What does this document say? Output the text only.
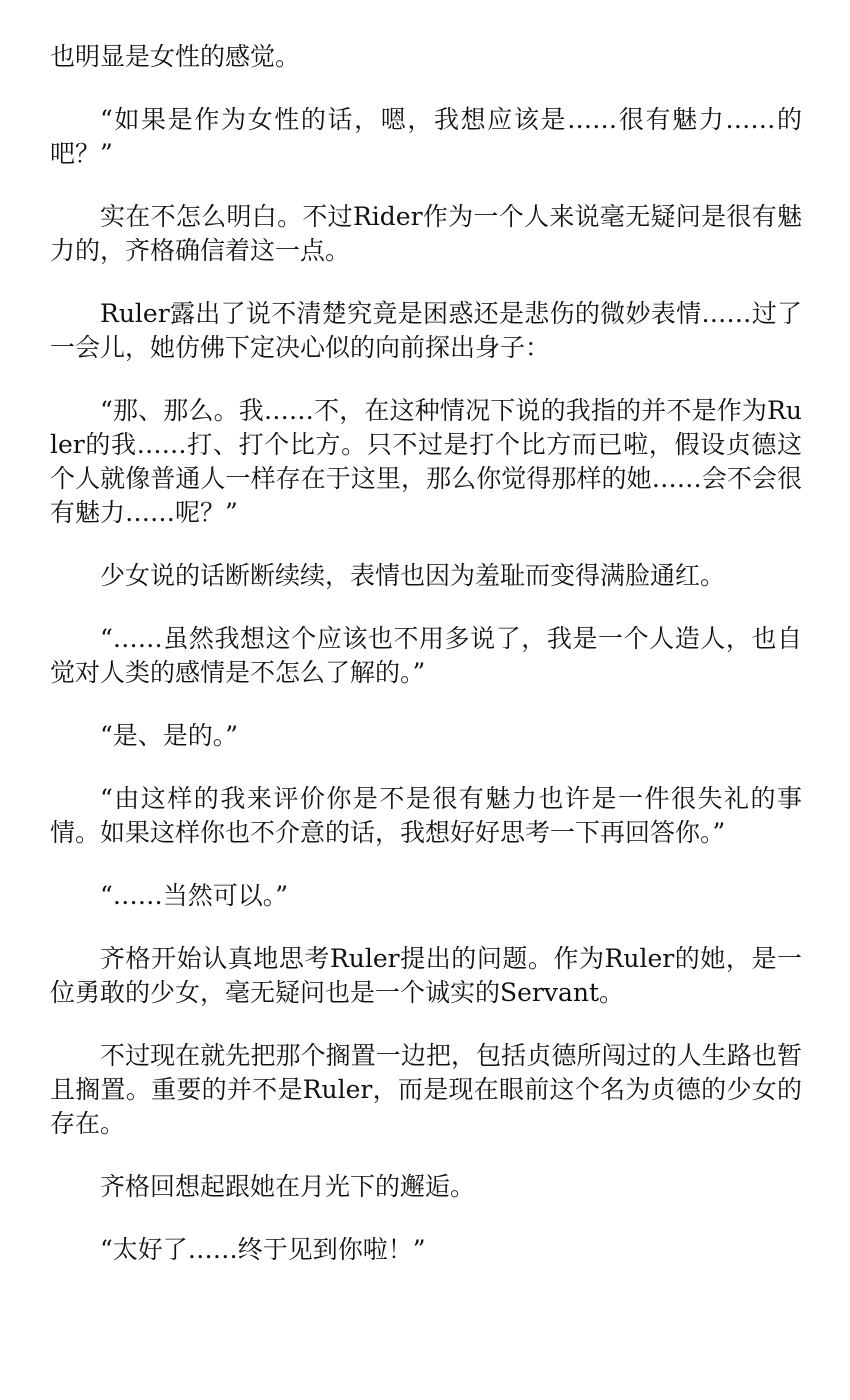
也明显是女性的感觉。

“如果是作为女性的话，嗯，我想应该是……很有魅力……的吧？”

实在不怎么明白。不过Rider作为一个人来说毫无疑问是很有魅力的，齐格确信着这一点。

Ruler露出了说不清楚究竟是困惑还是悲伤的微妙表情……过了一会儿，她仿佛下定决心似的向前探出身子：

“那、那么。我……不，在这种情况下说的我指的并不是作为Ruler的我……打、打个比方。只不过是打个比方而已啦，假设贞德这个人就像普通人一样存在于这里，那么你觉得那样的她……会不会很有魅力……呢？”

少女说的话断断续续，表情也因为羞耻而变得满脸通红。

“……虽然我想这个应该也不用多说了，我是一个人造人，也自觉对人类的感情是不怎么了解的。”

“是、是的。”

“由这样的我来评价你是不是很有魅力也许是一件很失礼的事情。如果这样你也不介意的话，我想好好思考一下再回答你。”

“……当然可以。”

齐格开始认真地思考Ruler提出的问题。作为Ruler的她，是一位勇敢的少女，毫无疑问也是一个诚实的Servant。

不过现在就先把那个搁置一边把，包括贞德所闯过的人生路也暂且搁置。重要的并不是Ruler，而是现在眼前这个名为贞德的少女的存在。

齐格回想起跟她在月光下的邂逅。

“太好了……终于见到你啦！”
